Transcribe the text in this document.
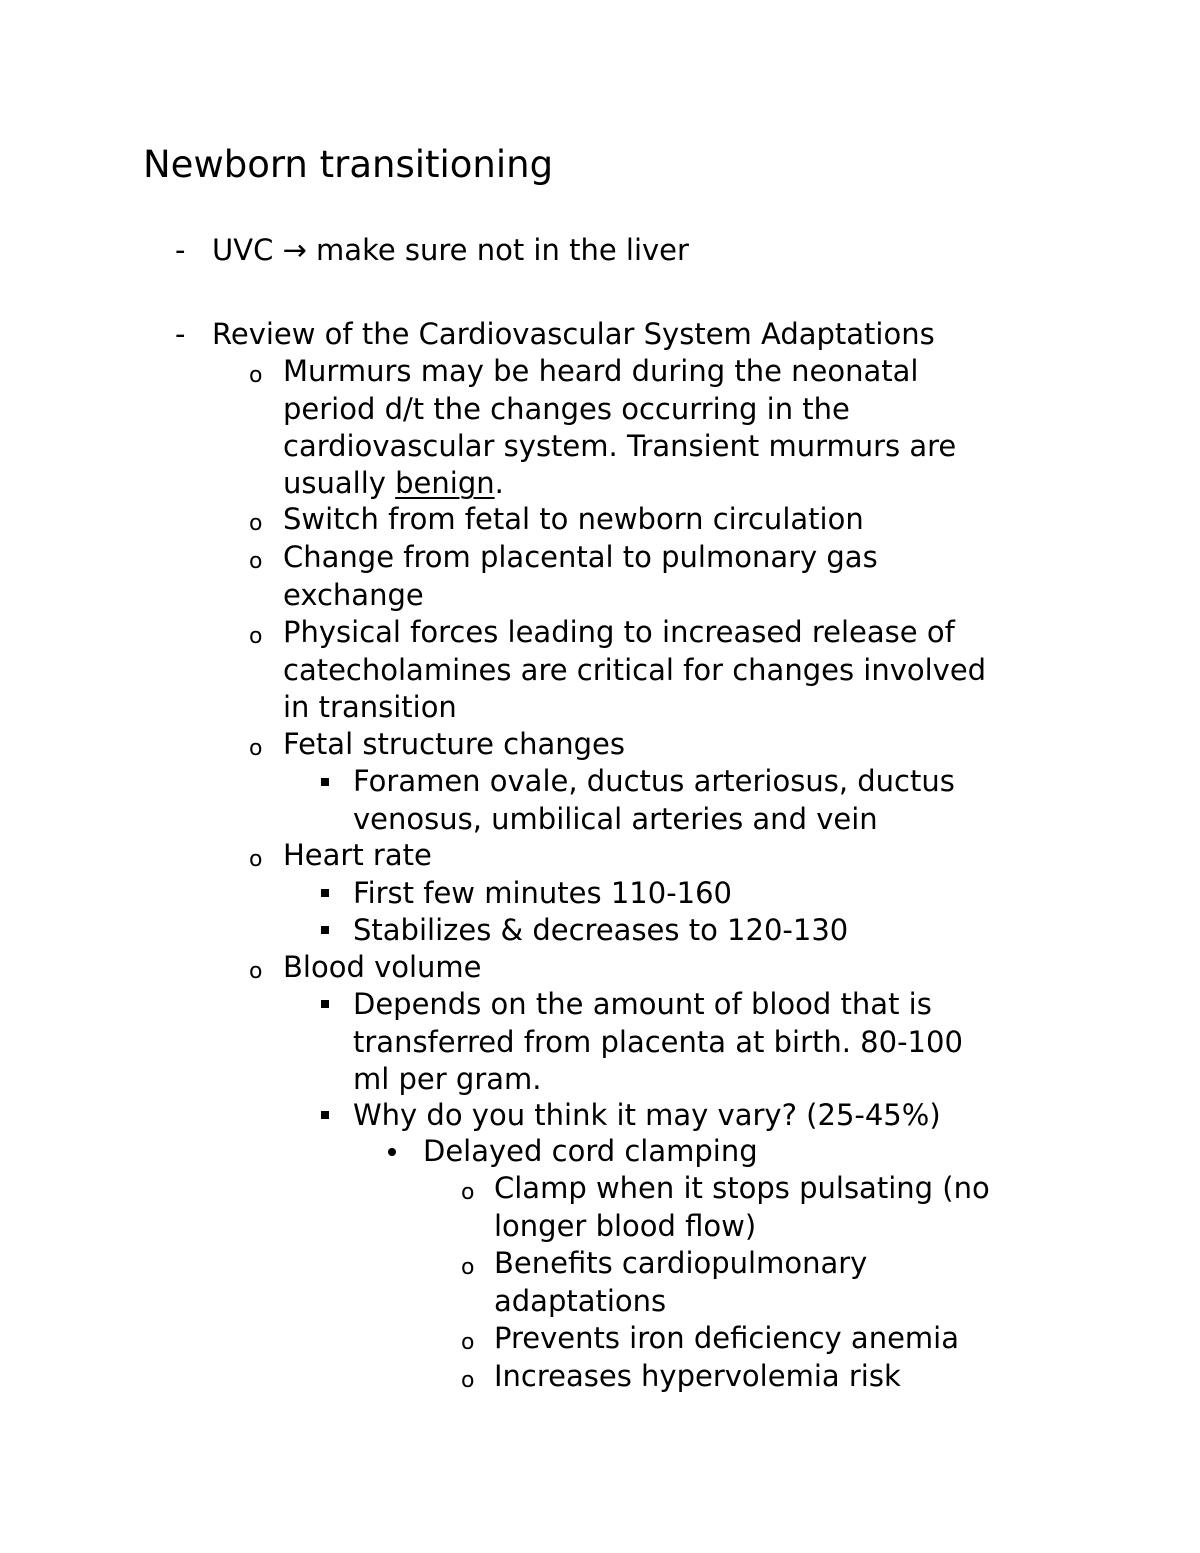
Newborn transitioning
- UVC → make sure not in the liver
- Review of the Cardiovascular System Adaptations
o Murmurs may be heard during the neonatal
period d/t the changes occurring in the
cardiovascular system. Transient murmurs are
usually benign.
o Switch from fetal to newborn circulation
o Change from placental to pulmonary gas
exchange
o Physical forces leading to increased release of
catecholamines are critical for changes involved
in transition
o Fetal structure changes
Foramen ovale, ductus arteriosus, ductus
venosus, umbilical arteries and vein
o Heart rate
First few minutes 110-160
Stabilizes & decreases to 120-130
o Blood volume
Depends on the amount of blood that is
transferred from placenta at birth. 80-100
ml per gram.
Why do you think it may vary? (25-45%)
Delayed cord clamping
o Clamp when it stops pulsating (no
longer blood flow)
o Benefits cardiopulmonary
adaptations
o Prevents iron deficiency anemia
o Increases hypervolemia risk
